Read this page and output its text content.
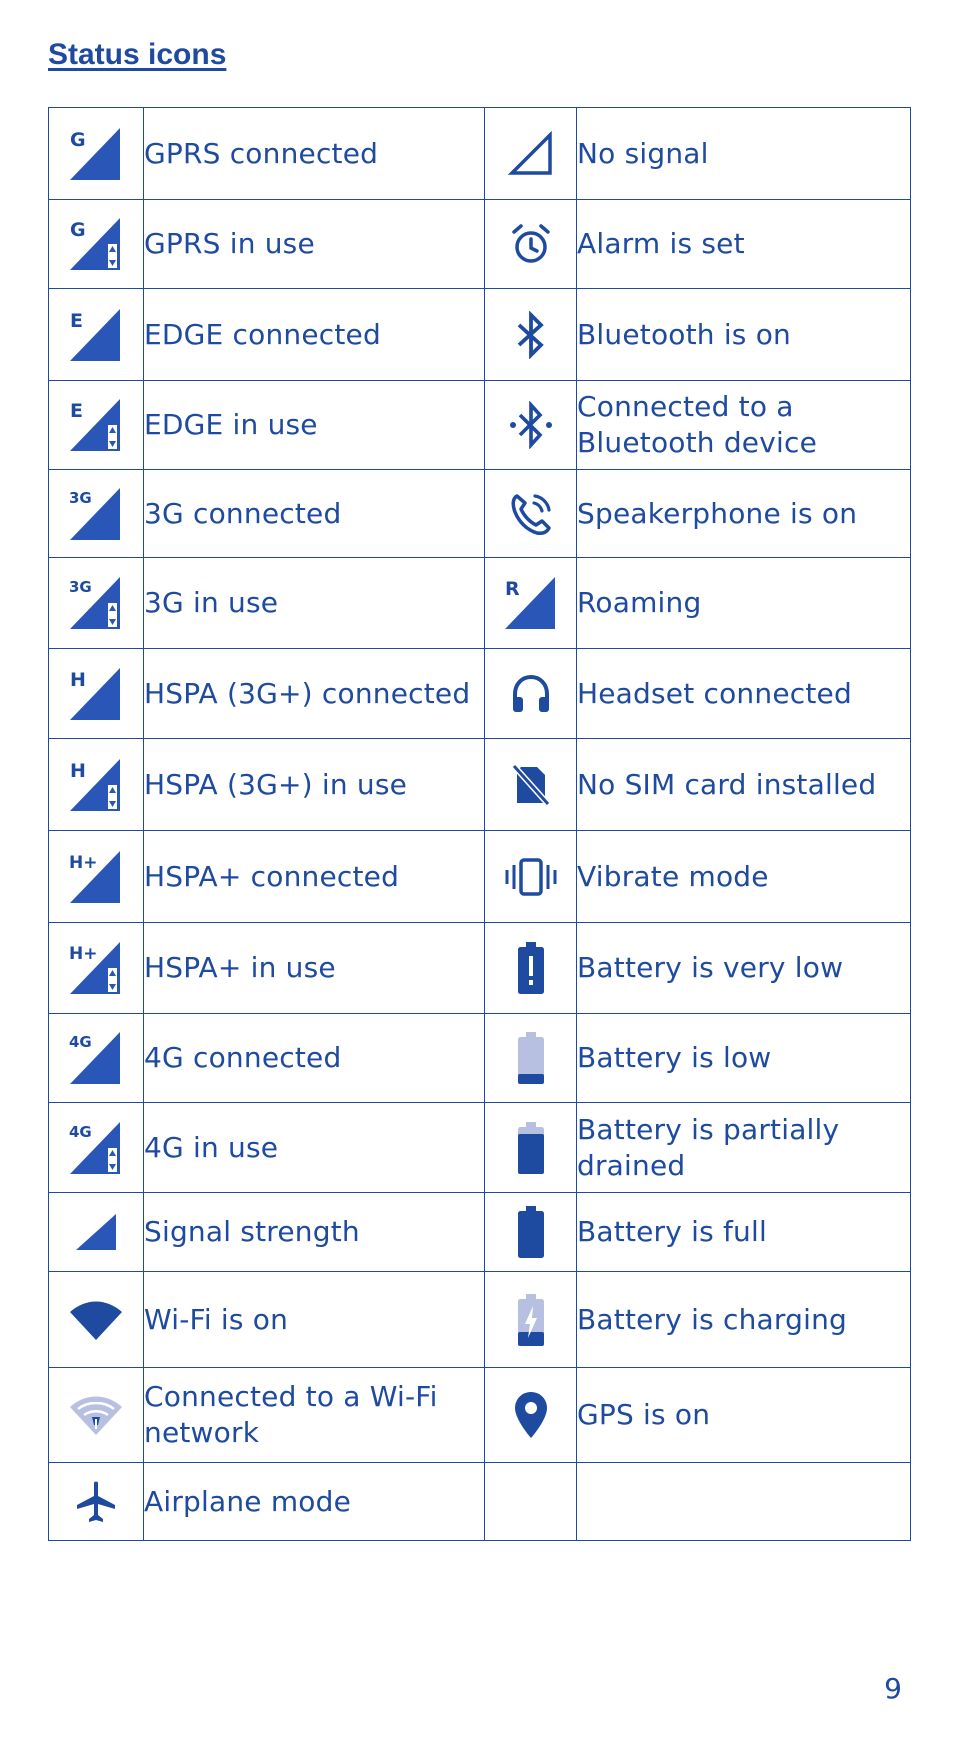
Status icons
G	GPRS connected		No signal

G	GPRS in use		Alarm is set

E	EDGE connected		Bluetooth is on

E	EDGE in use		Connected to a Bluetooth device

3G	3G connected		Speakerphone is on

3G	3G in use	R	Roaming

H	HSPA (3G+) connected		Headset connected

H	HSPA (3G+) in use		No SIM card installed

H+	HSPA+ connected		Vibrate mode

H+	HSPA+ in use		Battery is very low

4G	4G connected		Battery is low

4G	4G in use		Battery is partially drained

	Signal strength		Battery is full

	Wi-Fi is on		Battery is charging

	Connected to a Wi-Fi network		GPS is on

	Airplane mode		
9
